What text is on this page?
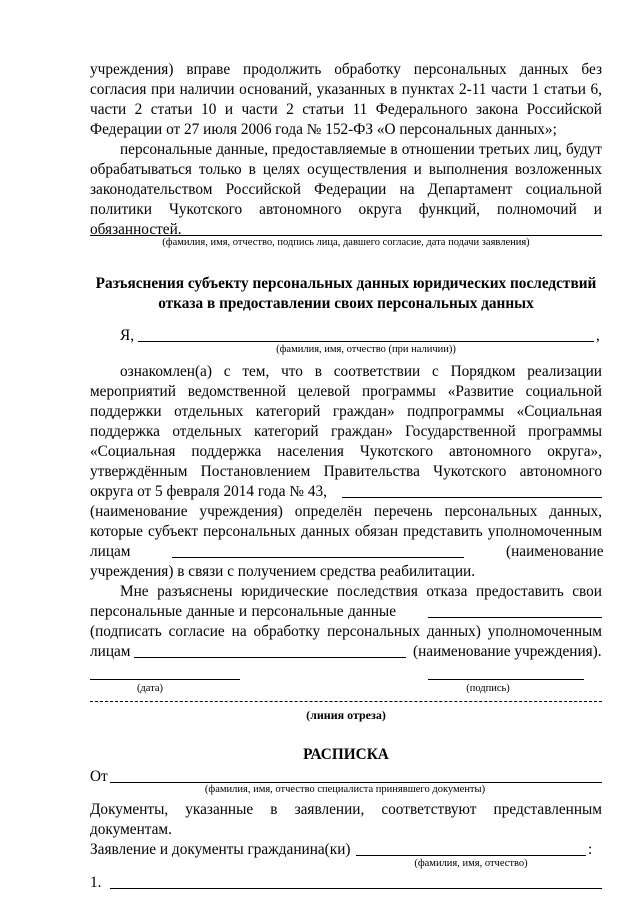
учреждения) вправе продолжить обработку персональных данных без
согласия при наличии оснований, указанных в пунктах 2-11 части 1 статьи 6,
части 2 статьи 10 и части 2 статьи 11 Федерального закона Российской
Федерации от 27 июля 2006 года № 152-ФЗ «О персональных данных»;
персональные данные, предоставляемые в отношении третьих лиц, будут
обрабатываться только в целях осуществления и выполнения возложенных
законодательством Российской Федерации на Департамент социальной
политики Чукотского автономного округа функций, полномочий и
обязанностей.
(фамилия, имя, отчество, подпись лица, давшего согласие, дата подачи заявления)
Разъяснения субъекту персональных данных юридических последствий
отказа в предоставлении своих персональных данных
Я,	,
(фамилия, имя, отчество (при наличии))
ознакомлен(а) с тем, что в соответствии с Порядком реализации
мероприятий ведомственной целевой программы «Развитие социальной
поддержки отдельных категорий граждан» подпрограммы «Социальная
поддержка отдельных категорий граждан» Государственной программы
«Социальная поддержка населения Чукотского автономного округа»,
утверждённым Постановлением Правительства Чукотского автономного
округа от 5 февраля 2014 года № 43,
(наименование учреждения) определён перечень персональных данных,
которые субъект персональных данных обязан представить уполномоченным
лицам	(наименование
учреждения) в связи с получением средства реабилитации.
Мне разъяснены юридические последствия отказа предоставить свои
персональные данные и персональные данные
(подписать согласие на обработку персональных данных) уполномоченным
лицам	(наименование учреждения).
(дата)	(подпись)
(линия отреза)
РАСПИСКА
От
(фамилия, имя, отчество специалиста принявшего документы)
Документы, указанные в заявлении, соответствуют представленным
документам.
Заявление и документы гражданина(ки)	:
(фамилия, имя, отчество)
1.
